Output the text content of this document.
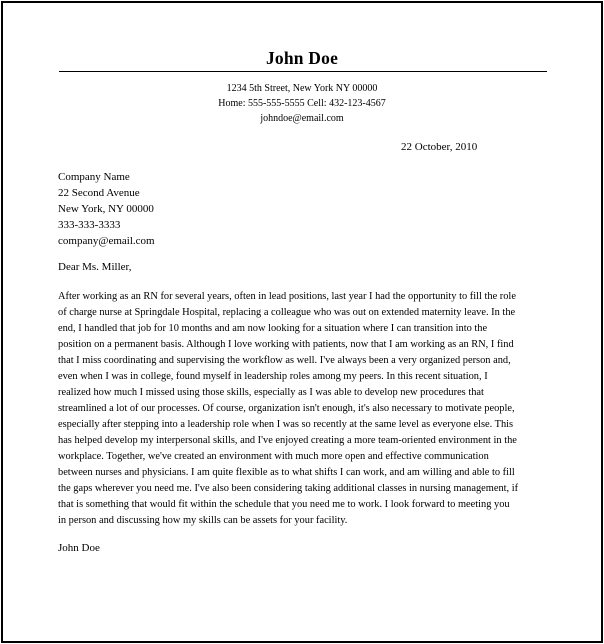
John Doe
1234 5th Street, New York NY 00000
Home: 555-555-5555 Cell: 432-123-4567
johndoe@email.com
22 October, 2010
Company Name
22 Second Avenue
New York, NY 00000
333-333-3333
company@email.com
Dear Ms. Miller,
After working as an RN for several years, often in lead positions, last year I had the opportunity to fill the role
of charge nurse at Springdale Hospital, replacing a colleague who was out on extended maternity leave. In the
end, I handled that job for 10 months and am now looking for a situation where I can transition into the
position on a permanent basis. Although I love working with patients, now that I am working as an RN, I find
that I miss coordinating and supervising the workflow as well. I've always been a very organized person and,
even when I was in college, found myself in leadership roles among my peers. In this recent situation, I
realized how much I missed using those skills, especially as I was able to develop new procedures that
streamlined a lot of our processes. Of course, organization isn't enough, it's also necessary to motivate people,
especially after stepping into a leadership role when I was so recently at the same level as everyone else. This
has helped develop my interpersonal skills, and I've enjoyed creating a more team-oriented environment in the
workplace. Together, we've created an environment with much more open and effective communication
between nurses and physicians. I am quite flexible as to what shifts I can work, and am willing and able to fill
the gaps wherever you need me. I've also been considering taking additional classes in nursing management, if
that is something that would fit within the schedule that you need me to work. I look forward to meeting you
in person and discussing how my skills can be assets for your facility.
John Doe
